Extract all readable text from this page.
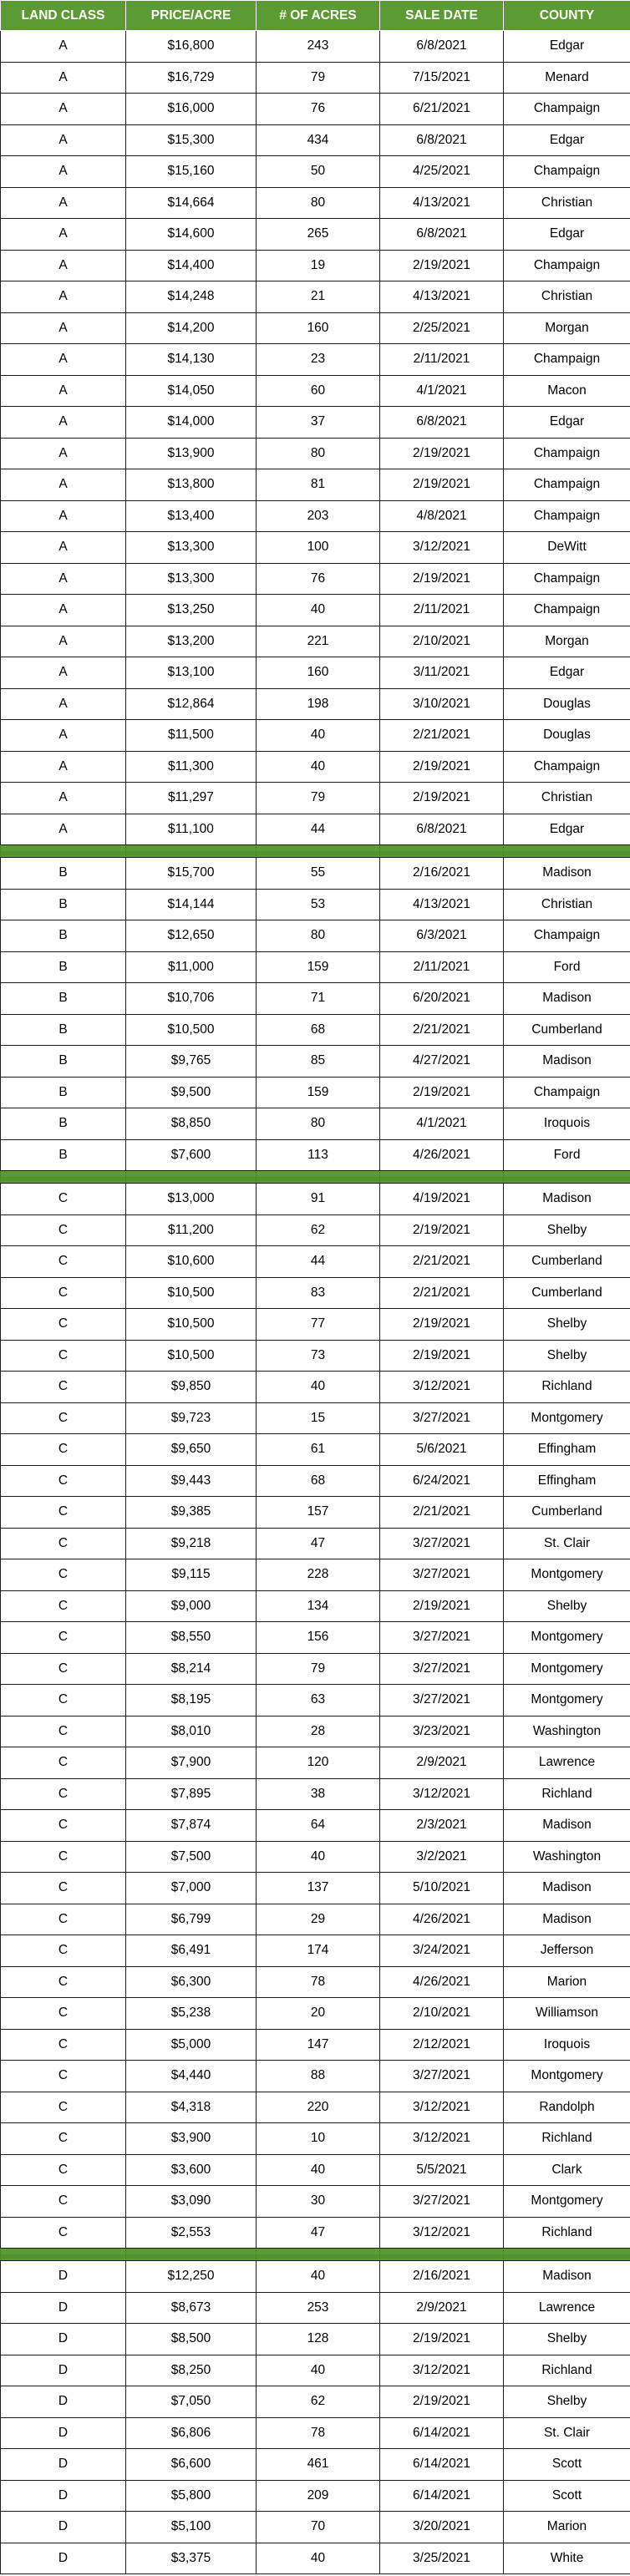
LAND CLASS	PRICE/ACRE	# OF ACRES	SALE DATE	COUNTY
A	$16,800	243	6/8/2021	Edgar
A	$16,729	79	7/15/2021	Menard
A	$16,000	76	6/21/2021	Champaign
A	$15,300	434	6/8/2021	Edgar
A	$15,160	50	4/25/2021	Champaign
A	$14,664	80	4/13/2021	Christian
A	$14,600	265	6/8/2021	Edgar
A	$14,400	19	2/19/2021	Champaign
A	$14,248	21	4/13/2021	Christian
A	$14,200	160	2/25/2021	Morgan
A	$14,130	23	2/11/2021	Champaign
A	$14,050	60	4/1/2021	Macon
A	$14,000	37	6/8/2021	Edgar
A	$13,900	80	2/19/2021	Champaign
A	$13,800	81	2/19/2021	Champaign
A	$13,400	203	4/8/2021	Champaign
A	$13,300	100	3/12/2021	DeWitt
A	$13,300	76	2/19/2021	Champaign
A	$13,250	40	2/11/2021	Champaign
A	$13,200	221	2/10/2021	Morgan
A	$13,100	160	3/11/2021	Edgar
A	$12,864	198	3/10/2021	Douglas
A	$11,500	40	2/21/2021	Douglas
A	$11,300	40	2/19/2021	Champaign
A	$11,297	79	2/19/2021	Christian
A	$11,100	44	6/8/2021	Edgar

B	$15,700	55	2/16/2021	Madison
B	$14,144	53	4/13/2021	Christian
B	$12,650	80	6/3/2021	Champaign
B	$11,000	159	2/11/2021	Ford
B	$10,706	71	6/20/2021	Madison
B	$10,500	68	2/21/2021	Cumberland
B	$9,765	85	4/27/2021	Madison
B	$9,500	159	2/19/2021	Champaign
B	$8,850	80	4/1/2021	Iroquois
B	$7,600	113	4/26/2021	Ford

C	$13,000	91	4/19/2021	Madison
C	$11,200	62	2/19/2021	Shelby
C	$10,600	44	2/21/2021	Cumberland
C	$10,500	83	2/21/2021	Cumberland
C	$10,500	77	2/19/2021	Shelby
C	$10,500	73	2/19/2021	Shelby
C	$9,850	40	3/12/2021	Richland
C	$9,723	15	3/27/2021	Montgomery
C	$9,650	61	5/6/2021	Effingham
C	$9,443	68	6/24/2021	Effingham
C	$9,385	157	2/21/2021	Cumberland
C	$9,218	47	3/27/2021	St. Clair
C	$9,115	228	3/27/2021	Montgomery
C	$9,000	134	2/19/2021	Shelby
C	$8,550	156	3/27/2021	Montgomery
C	$8,214	79	3/27/2021	Montgomery
C	$8,195	63	3/27/2021	Montgomery
C	$8,010	28	3/23/2021	Washington
C	$7,900	120	2/9/2021	Lawrence
C	$7,895	38	3/12/2021	Richland
C	$7,874	64	2/3/2021	Madison
C	$7,500	40	3/2/2021	Washington
C	$7,000	137	5/10/2021	Madison
C	$6,799	29	4/26/2021	Madison
C	$6,491	174	3/24/2021	Jefferson
C	$6,300	78	4/26/2021	Marion
C	$5,238	20	2/10/2021	Williamson
C	$5,000	147	2/12/2021	Iroquois
C	$4,440	88	3/27/2021	Montgomery
C	$4,318	220	3/12/2021	Randolph
C	$3,900	10	3/12/2021	Richland
C	$3,600	40	5/5/2021	Clark
C	$3,090	30	3/27/2021	Montgomery
C	$2,553	47	3/12/2021	Richland

D	$12,250	40	2/16/2021	Madison
D	$8,673	253	2/9/2021	Lawrence
D	$8,500	128	2/19/2021	Shelby
D	$8,250	40	3/12/2021	Richland
D	$7,050	62	2/19/2021	Shelby
D	$6,806	78	6/14/2021	St. Clair
D	$6,600	461	6/14/2021	Scott
D	$5,800	209	6/14/2021	Scott
D	$5,100	70	3/20/2021	Marion
D	$3,375	40	3/25/2021	White
